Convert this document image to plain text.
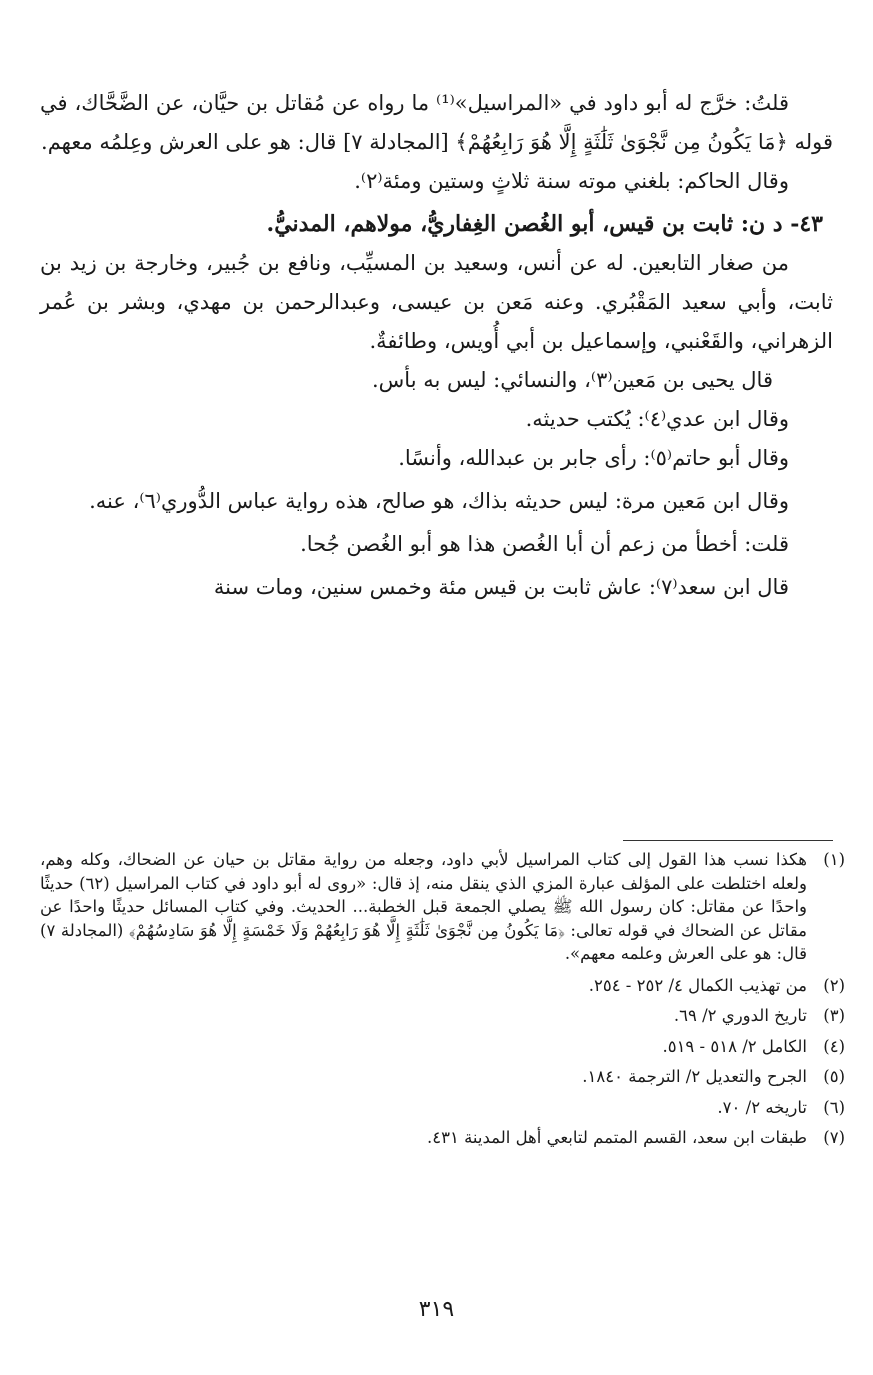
قلتُ: خرَّج له أبو داود في «المراسيل»⁽¹⁾ ما رواه عن مُقاتل بن حيَّان، عن الضَّحَّاك، في قوله ﴿مَا يَكُونُ مِن نَّجْوَىٰ ثَلَٰثَةٍ إِلَّا هُوَ رَابِعُهُمْ﴾ [المجادلة ٧] قال: هو على العرش وعِلمُه معهم.

وقال الحاكم: بلغني موته سنة ثلاثٍ وستين ومئة⁽٢⁾.

٤٣- د ن: ثابت بن قيس، أبو الغُصن الغِفاريُّ، مولاهم، المدنيُّ.

من صغار التابعين. له عن أنس، وسعيد بن المسيِّب، ونافع بن جُبير، وخارجة بن زيد بن ثابت، وأبي سعيد المَقْبُري. وعنه مَعن بن عيسى، وعبدالرحمن بن مهدي، وبشر بن عُمر الزهراني، والقَعْنبي، وإسماعيل بن أبي أُويس، وطائفةٌ.

قال يحيى بن مَعين⁽٣⁾، والنسائي: ليس به بأس.

وقال ابن عدي⁽٤⁾: يُكتب حديثه.

وقال أبو حاتم⁽٥⁾: رأى جابر بن عبدالله، وأنسًا.

وقال ابن مَعين مرة: ليس حديثه بذاك، هو صالح، هذه رواية عباس الدُّوري⁽٦⁾، عنه.

قلت: أخطأ من زعم أن أبا الغُصن هذا هو أبو الغُصن جُحا.

قال ابن سعد⁽٧⁾: عاش ثابت بن قيس مئة وخمس سنين، ومات سنة

(١)
هكذا نسب هذا القول إلى كتاب المراسيل لأبي داود، وجعله من رواية مقاتل بن حيان عن الضحاك، وكله وهم، ولعله اختلطت على المؤلف عبارة المزي الذي ينقل منه، إذ قال: «روى له أبو داود في كتاب المراسيل (٦٢) حديثًا واحدًا عن مقاتل: كان رسول الله ﷺ يصلي الجمعة قبل الخطبة... الحديث. وفي كتاب المسائل حديثًا واحدًا عن مقاتل عن الضحاك في قوله تعالى: ﴿مَا يَكُونُ مِن نَّجْوَىٰ ثَلَٰثَةٍ إِلَّا هُوَ رَابِعُهُمْ وَلَا خَمْسَةٍ إِلَّا هُوَ سَادِسُهُمْ﴾ (المجادلة ٧) قال: هو على العرش وعلمه معهم».
(٢)
من تهذيب الكمال ٤/ ٢٥٢ - ٢٥٤.
(٣)
تاريخ الدوري ٢/ ٦٩.
(٤)
الكامل ٢/ ٥١٨ - ٥١٩.
(٥)
الجرح والتعديل ٢/ الترجمة ١٨٤٠.
(٦)
تاريخه ٢/ ٧٠.
(٧)
طبقات ابن سعد، القسم المتمم لتابعي أهل المدينة ٤٣١.
٣١٩
